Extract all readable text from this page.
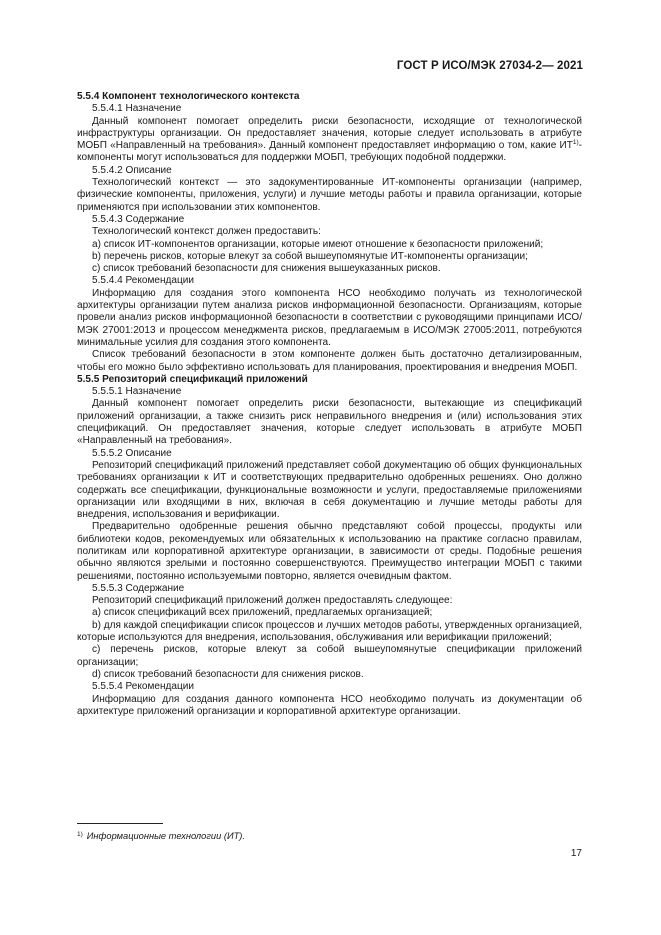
ГОСТ Р ИСО/МЭК 27034-2— 2021

5.5.4 Компонент технологического контекста

5.5.4.1 Назначение

Данный компонент помогает определить риски безопасности, исходящие от технологической инфраструктуры организации. Он предоставляет значения, которые следует использовать в атрибуте МОБП «Направленный на требования». Данный компонент предоставляет информацию о том, какие ИТ$^{1)}$-компоненты могут использоваться для поддержки МОБП, требующих подобной поддержки.

5.5.4.2 Описание

Технологический контекст — это задокументированные ИТ-компоненты организации (например, физические компоненты, приложения, услуги) и лучшие методы работы и правила организации, которые применяются при использовании этих компонентов.

5.5.4.3 Содержание

Технологический контекст должен предоставить:

a) список ИТ-компонентов организации, которые имеют отношение к безопасности приложений;

b) перечень рисков, которые влекут за собой вышеупомянутые ИТ-компоненты организации;

c) список требований безопасности для снижения вышеуказанных рисков.

5.5.4.4 Рекомендации

Информацию для создания этого компонента НСО необходимо получать из технологической архитектуры организации путем анализа рисков информационной безопасности. Организациям, которые провели анализ рисков информационной безопасности в соответствии с руководящими принципами ИСО/МЭК 27001:2013 и процессом менеджмента рисков, предлагаемым в ИСО/МЭК 27005:2011, потребуются минимальные усилия для создания этого компонента.

Список требований безопасности в этом компоненте должен быть достаточно детализированным, чтобы его можно было эффективно использовать для планирования, проектирования и внедрения МОБП.

5.5.5 Репозиторий спецификаций приложений

5.5.5.1 Назначение

Данный компонент помогает определить риски безопасности, вытекающие из спецификаций приложений организации, а также снизить риск неправильного внедрения и (или) использования этих спецификаций. Он предоставляет значения, которые следует использовать в атрибуте МОБП «Направленный на требования».

5.5.5.2 Описание

Репозиторий спецификаций приложений представляет собой документацию об общих функциональных требованиях организации к ИТ и соответствующих предварительно одобренных решениях. Оно должно содержать все спецификации, функциональные возможности и услуги, предоставляемые приложениями организации или входящими в них, включая в себя документацию и лучшие методы работы для внедрения, использования и верификации.

Предварительно одобренные решения обычно представляют собой процессы, продукты или библиотеки кодов, рекомендуемых или обязательных к использованию на практике согласно правилам, политикам или корпоративной архитектуре организации, в зависимости от среды. Подобные решения обычно являются зрелыми и постоянно совершенствуются. Преимущество интеграции МОБП с такими решениями, постоянно используемыми повторно, является очевидным фактом.

5.5.5.3 Содержание

Репозиторий спецификаций приложений должен предоставлять следующее:

a) список спецификаций всех приложений, предлагаемых организацией;

b) для каждой спецификации список процессов и лучших методов работы, утвержденных организацией, которые используются для внедрения, использования, обслуживания или верификации приложений;

c) перечень рисков, которые влекут за собой вышеупомянутые спецификации приложений организации;

d) список требований безопасности для снижения рисков.

5.5.5.4 Рекомендации

Информацию для создания данного компонента НСО необходимо получать из документации об архитектуре приложений организации и корпоративной архитектуре организации.

$^{1)}$ Информационные технологии (ИТ).
17
